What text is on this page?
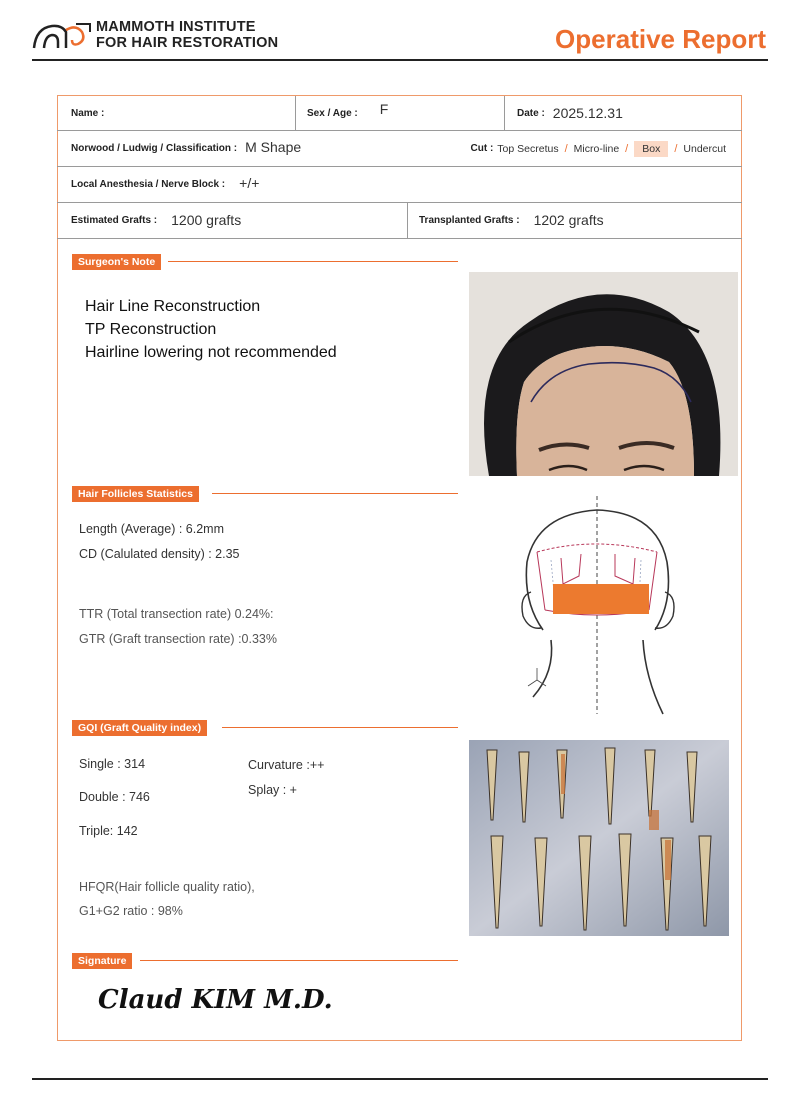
MAMMOTH INSTITUTE
FOR HAIR RESTORATION	Operative Report
Name :	Sex / Age : F	Date : 2025.12.31
Norwood / Ludwig / Classification : M Shape	Cut : Top Secretus / Micro-line /	Box	/ Undercut
Local Anesthesia / Nerve Block : +/+
Estimated Grafts : 1200 grafts	Transplanted Grafts : 1202 grafts
Surgeon's Note
Hair Line Reconstruction
TP Reconstruction
Hairline lowering not recommended
Hair Follicles Statistics
Length (Average) : 6.2mm
CD (Calulated density) : 2.35
TTR (Total transection rate) 0.24%:
GTR (Graft transection rate) :0.33%
GQI (Graft Quality index)
Single : 314
Double : 746
Triple: 142
Curvature :++
Splay : +
HFQR(Hair follicle quality ratio),
G1+G2 ratio : 98%
Signature
Claud KIM M.D.
